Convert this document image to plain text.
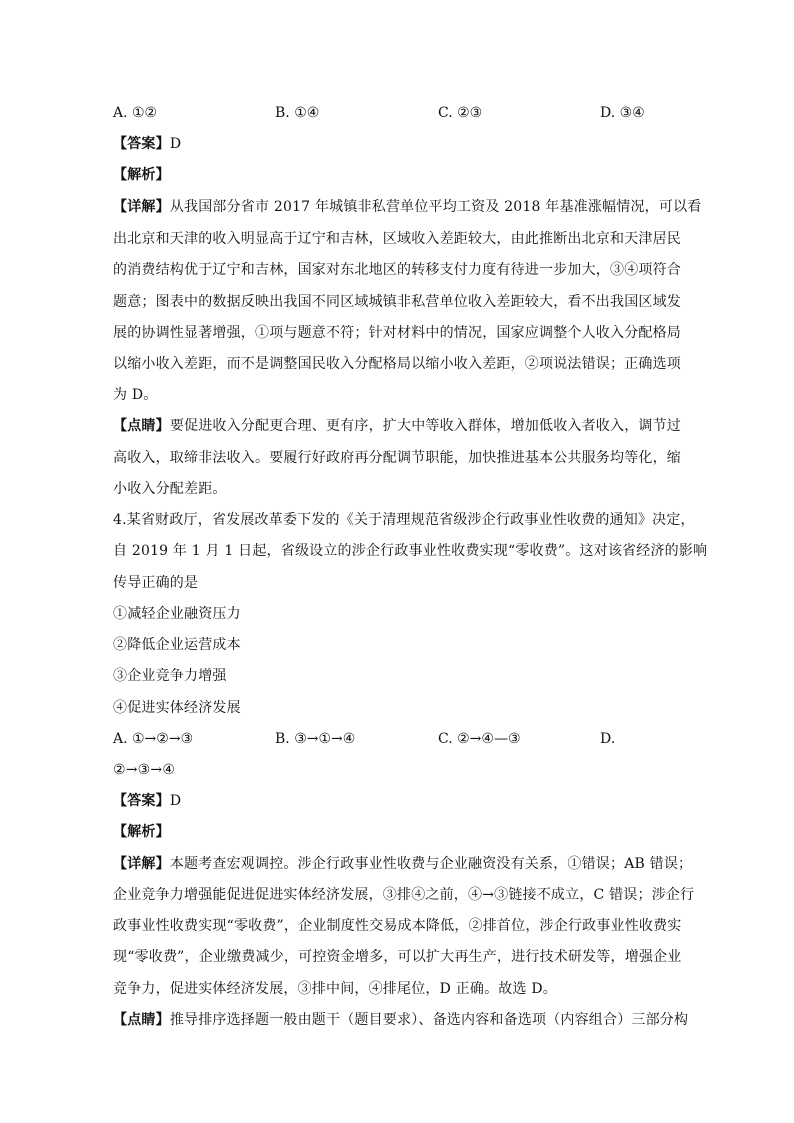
A. ①②	B. ①④	C. ②③	D. ③④
【答案】D
【解析】
【详解】从我国部分省市 2017 年城镇非私营单位平均工资及 2018 年基准涨幅情况，可以看
出北京和天津的收入明显高于辽宁和吉林，区域收入差距较大，由此推断出北京和天津居民
的消费结构优于辽宁和吉林，国家对东北地区的转移支付力度有待进一步加大，③④项符合
题意；图表中的数据反映出我国不同区域城镇非私营单位收入差距较大，看不出我国区域发
展的协调性显著增强，①项与题意不符；针对材料中的情况，国家应调整个人收入分配格局
以缩小收入差距，而不是调整国民收入分配格局以缩小收入差距，②项说法错误；正确选项
为 D。
【点睛】要促进收入分配更合理、更有序，扩大中等收入群体，增加低收入者收入，调节过
高收入，取缔非法收入。要履行好政府再分配调节职能，加快推进基本公共服务均等化，缩
小收入分配差距。
4.某省财政厅，省发展改革委下发的《关于清理规范省级涉企行政事业性收费的通知》决定，
自 2019 年 1 月 1 日起，省级设立的涉企行政事业性收费实现“零收费”。这对该省经济的影响
传导正确的是
①减轻企业融资压力
②降低企业运营成本
③企业竞争力增强
④促进实体经济发展
A. ①→②→③	B. ③→①→④	C. ②→④—③	D.
②→③→④
【答案】D
【解析】
【详解】本题考查宏观调控。涉企行政事业性收费与企业融资没有关系，①错误；AB 错误；
企业竞争力增强能促进促进实体经济发展，③排④之前，④→③链接不成立，C 错误；涉企行
政事业性收费实现“零收费”，企业制度性交易成本降低，②排首位，涉企行政事业性收费实
现“零收费”，企业缴费减少，可控资金增多，可以扩大再生产，进行技术研发等，增强企业
竞争力，促进实体经济发展，③排中间，④排尾位，D 正确。故选 D。
【点睛】推导排序选择题一般由题干（题目要求）、备选内容和备选项（内容组合）三部分构
